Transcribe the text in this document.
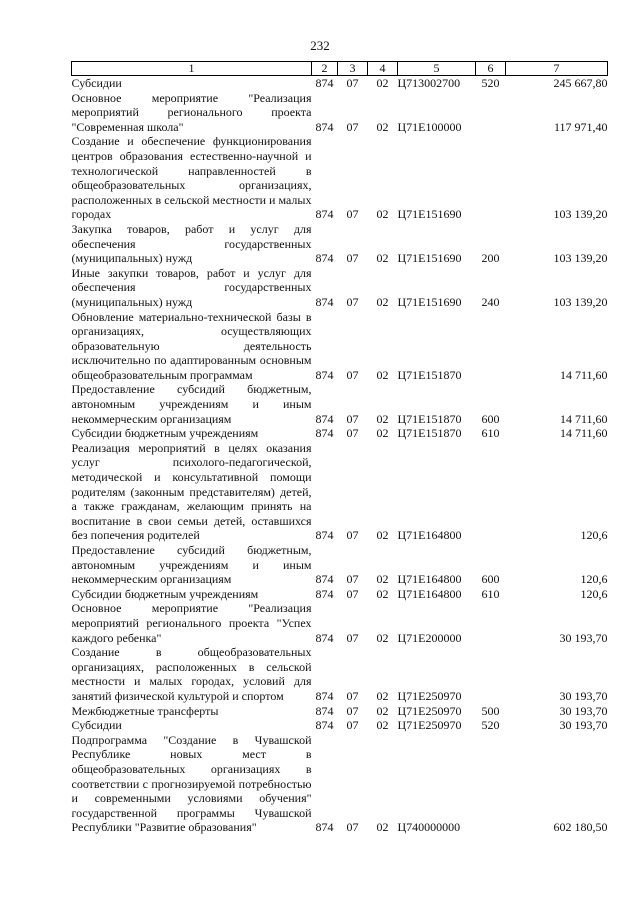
232
1	2	3	4	5	6	7
Субсидии	874	07	02	Ц713002700	520	245 667,80
Основное мероприятие "Реализация мероприятий регионального проекта "Современная школа"	874	07	02	Ц71Е100000		117 971,40
Создание и обеспечение функционирования центров образования естественно-научной и технологической направленностей в общеобразовательных организациях, расположенных в сельской местности и малых городах	874	07	02	Ц71Е151690		103 139,20
Закупка товаров, работ и услуг для обеспечения государственных (муниципальных) нужд	874	07	02	Ц71Е151690	200	103 139,20
Иные закупки товаров, работ и услуг для обеспечения государственных (муниципальных) нужд	874	07	02	Ц71Е151690	240	103 139,20
Обновление материально-технической базы в организациях, осуществляющих образовательную деятельность исключительно по адаптированным основным общеобразовательным программам	874	07	02	Ц71Е151870		14 711,60
Предоставление субсидий бюджетным, автономным учреждениям и иным некоммерческим организациям	874	07	02	Ц71Е151870	600	14 711,60
Субсидии бюджетным учреждениям	874	07	02	Ц71Е151870	610	14 711,60
Реализация мероприятий в целях оказания услуг психолого-педагогической, методической и консультативной помощи родителям (законным представителям) детей, а также гражданам, желающим принять на воспитание в свои семьи детей, оставшихся без попечения родителей	874	07	02	Ц71Е164800		120,6
Предоставление субсидий бюджетным, автономным учреждениям и иным некоммерческим организациям	874	07	02	Ц71Е164800	600	120,6
Субсидии бюджетным учреждениям	874	07	02	Ц71Е164800	610	120,6
Основное мероприятие "Реализация мероприятий регионального проекта "Успех каждого ребенка"	874	07	02	Ц71Е200000		30 193,70
Создание в общеобразовательных организациях, расположенных в сельской местности и малых городах, условий для занятий физической культурой и спортом	874	07	02	Ц71Е250970		30 193,70
Межбюджетные трансферты	874	07	02	Ц71Е250970	500	30 193,70
Субсидии	874	07	02	Ц71Е250970	520	30 193,70
Подпрограмма "Создание в Чувашской Республике новых мест в общеобразовательных организациях в соответствии с прогнозируемой потребностью и современными условиями обучения" государственной программы Чувашской Республики "Развитие образования"	874	07	02	Ц740000000		602 180,50
